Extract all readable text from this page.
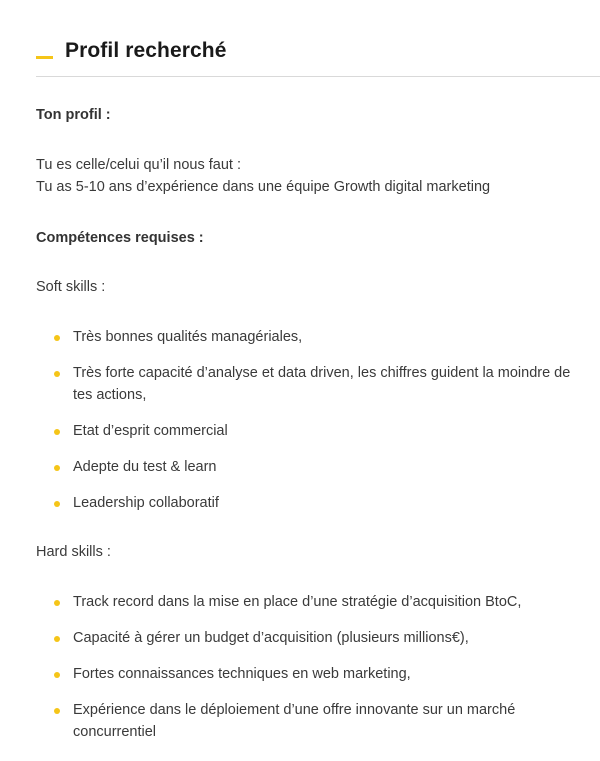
Profil recherché
Ton profil :
Tu es celle/celui qu’il nous faut :
Tu as 5-10 ans d’expérience dans une équipe Growth digital marketing
Compétences requises :
Soft skills :
Très bonnes qualités managériales,
Très forte capacité d’analyse et data driven, les chiffres guident la moindre de tes actions,
Etat d’esprit commercial
Adepte du test & learn
Leadership collaboratif
Hard skills :
Track record dans la mise en place d’une stratégie d’acquisition BtoC,
Capacité à gérer un budget d’acquisition (plusieurs millions€),
Fortes connaissances techniques en web marketing,
Expérience dans le déploiement d’une offre innovante sur un marché concurrentiel
